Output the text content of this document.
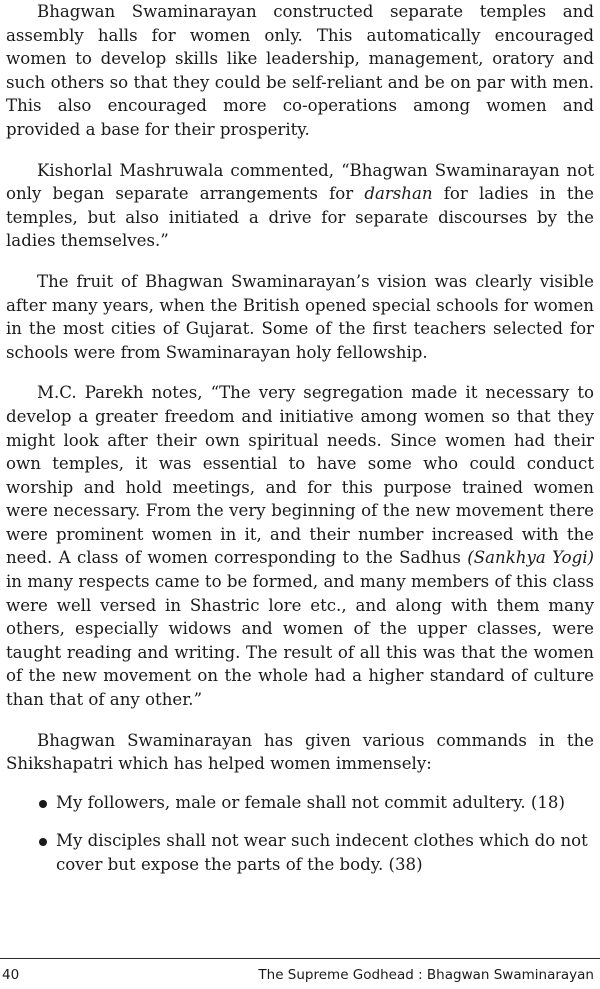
Bhagwan Swaminarayan constructed separate temples and assembly halls for women only. This automatically encouraged women to develop skills like leadership, management, oratory and such others so that they could be self-reliant and be on par with men. This also encouraged more co-operations among women and provided a base for their prosperity.

Kishorlal Mashruwala commented, “Bhagwan Swaminarayan not only began separate arrangements for darshan for ladies in the temples, but also initiated a drive for separate discourses by the ladies themselves.”

The fruit of Bhagwan Swaminarayan’s vision was clearly visible after many years, when the British opened special schools for women in the most cities of Gujarat. Some of the first teachers selected for schools were from Swaminarayan holy fellowship.

M.C. Parekh notes, “The very segregation made it necessary to develop a greater freedom and initiative among women so that they might look after their own spiritual needs. Since women had their own temples, it was essential to have some who could conduct worship and hold meetings, and for this purpose trained women were necessary. From the very beginning of the new movement there were prominent women in it, and their number increased with the need. A class of women corresponding to the Sadhus (Sankhya Yogi) in many respects came to be formed, and many members of this class were well versed in Shastric lore etc., and along with them many others, especially widows and women of the upper classes, were taught reading and writing. The result of all this was that the women of the new movement on the whole had a higher standard of culture than that of any other.”

Bhagwan Swaminarayan has given various commands in the Shikshapatri which has helped women immensely:

My followers, male or female shall not commit adultery. (18)
My disciples shall not wear such indecent clothes which do not cover but expose the parts of the body. (38)
40	The Supreme Godhead : Bhagwan Swaminarayan
